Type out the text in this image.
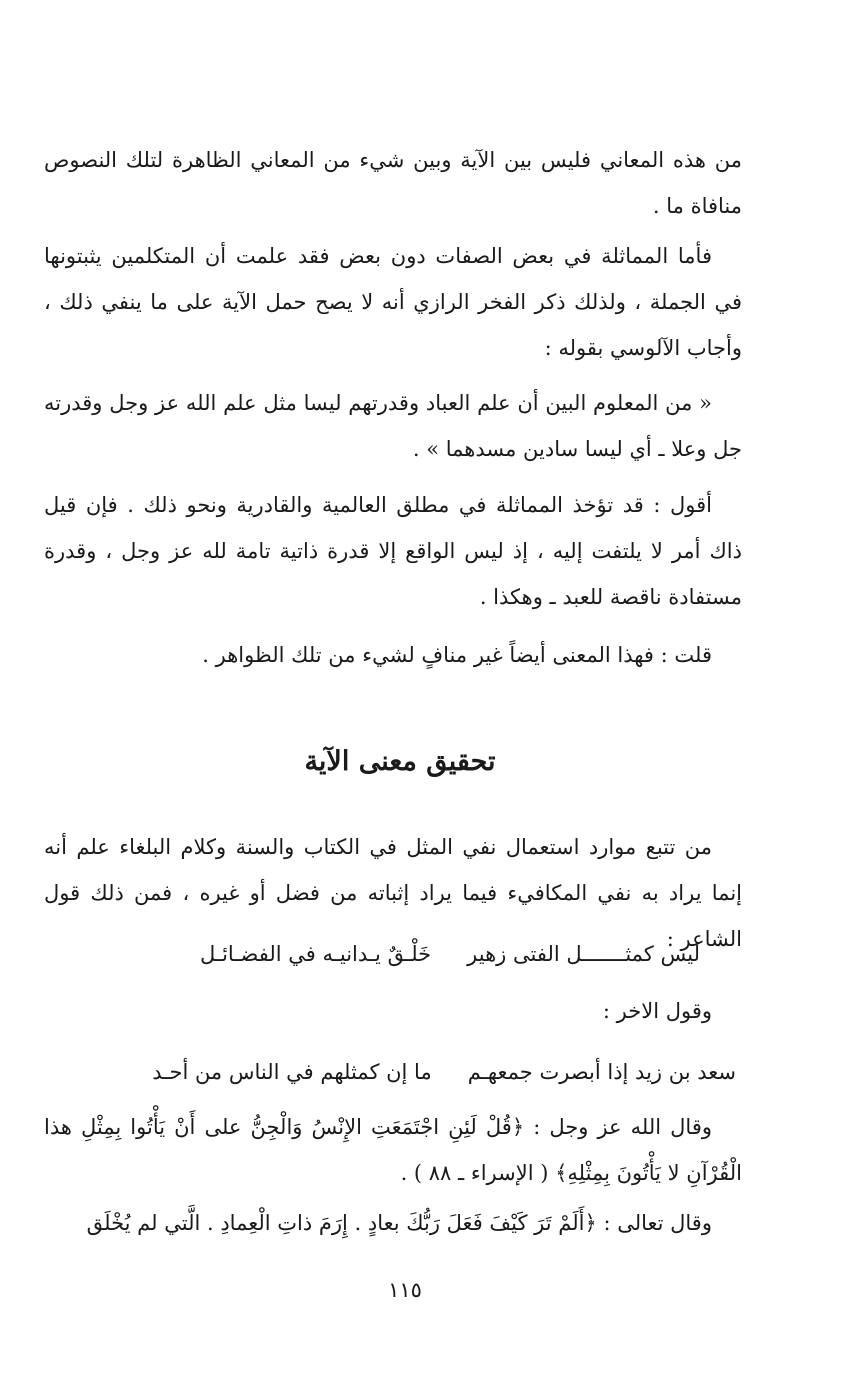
من هذه المعاني فليس بين الآية وبين شيء من المعاني الظاهرة لتلك النصوص منافاة ما .
فأما المماثلة في بعض الصفات دون بعض فقد علمت أن المتكلمين يثبتونها في الجملة ، ولذلك ذكر الفخر الرازي أنه لا يصح حمل الآية على ما ينفي ذلك ، وأجاب الآلوسي بقوله :
« من المعلوم البين أن علم العباد وقدرتهم ليسا مثل علم الله عز وجل وقدرته جل وعلا ـ أي ليسا سادين مسدهما » .
أقول : قد تؤخذ المماثلة في مطلق العالمية والقادرية ونحو ذلك . فإن قيل ذاك أمر لا يلتفت إليه ، إذ ليس الواقع إلا قدرة ذاتية تامة لله عز وجل ، وقدرة مستفادة ناقصة للعبد ـ وهكذا .
قلت : فهذا المعنى أيضاً غير منافٍ لشيء من تلك الظواهر .
تحقيق معنى الآية
من تتبع موارد استعمال نفي المثل في الكتاب والسنة وكلام البلغاء علم أنه إنما يراد به نفي المكافيء فيما يراد إثباته من فضل أو غيره ، فمن ذلك قول الشاعر :
ليس كمثـــــــل الفتى زهيرخَلْـقٌ يـدانيـه في الفضـائـل
وقول الاخر :
سعد بن زيد إذا أبصرت جمعهـمما إن كمثلهم في الناس من أحـد
وقال الله عز وجل : ﴿قُلْ لَئِنِ اجْتَمَعَتِ الإِنْسُ وَالْجِنُّ على أَنْ يَأْتُوا بِمِثْلِ هذا الْقُرْآنِ لا يَأْتُونَ بِمِثْلِهِ﴾ ( الإسراء ـ ٨٨ ) .
وقال تعالى : ﴿أَلَمْ تَرَ كَيْفَ فَعَلَ رَبُّكَ بعادٍ . إِرَمَ ذاتِ الْعِمادِ . الَّتي لم يُخْلَق
١١٥
